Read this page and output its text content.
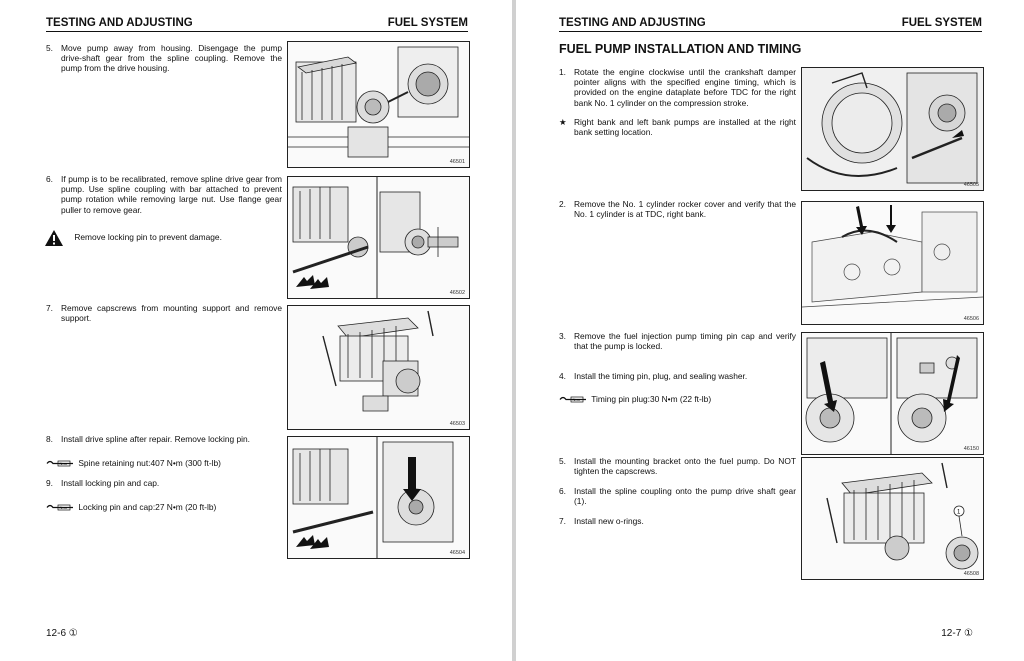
TESTING AND ADJUSTING	FUEL SYSTEM
5. Move pump away from housing. Disengage the pump drive-shaft gear from the spline coupling. Remove the pump from the drive housing.
46501
6. If pump is to be recalibrated, remove spline drive gear from pump. Use spline coupling with bar attached to prevent pump rotation while removing large nut. Use flange gear puller to remove gear.
Remove locking pin to prevent damage.
46502
7. Remove capscrews from mounting support and remove support.
46503
8. Install drive spline after repair. Remove locking pin.
N•m Spine retaining nut:407 N•m (300 ft-lb)
9. Install locking pin and cap.
N•m Locking pin and cap:27 N•m (20 ft-lb)
46504
12-6 ①
TESTING AND ADJUSTING	FUEL SYSTEM
FUEL PUMP INSTALLATION AND TIMING
1. Rotate the engine clockwise until the crankshaft damper pointer aligns with the specified engine timing, which is provided on the engine dataplate before TDC for the right bank No. 1 cylinder on the compression stroke.
★ Right bank and left bank pumps are installed at the right bank setting location.
46505
2. Remove the No. 1 cylinder rocker cover and verify that the No. 1 cylinder is at TDC, right bank.
46506
3. Remove the fuel injection pump timing pin cap and verify that the pump is locked.
4. Install the timing pin, plug, and sealing washer.
N•m Timing pin plug:30 N•m (22 ft-lb)
46150
5. Install the mounting bracket onto the fuel pump. Do NOT tighten the capscrews.
6. Install the spline coupling onto the pump drive shaft gear (1).
7. Install new o-rings.
1
46508
12-7 ①
